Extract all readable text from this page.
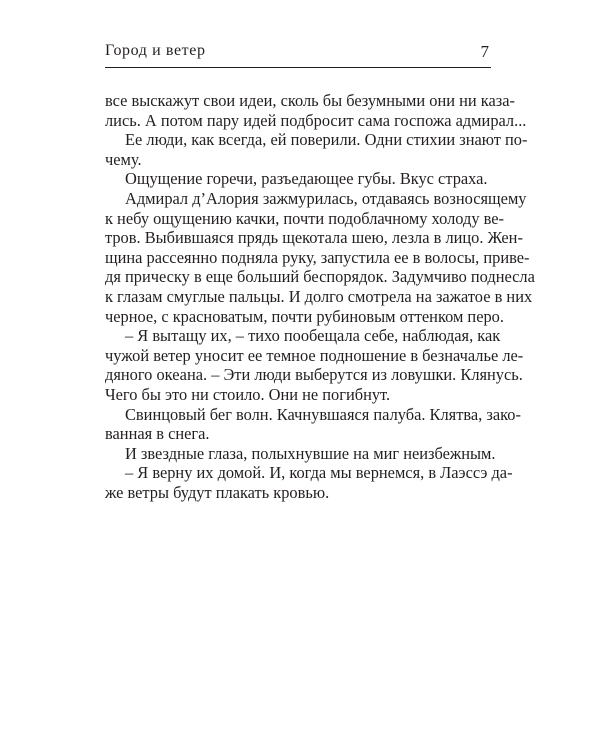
Город и ветер	7
все выскажут свои идеи, сколь бы безумными они ни каза-
лись. А потом пару идей подбросит сама госпожа адмирал...
Ее люди, как всегда, ей поверили. Одни стихии знают по-
чему.
Ощущение горечи, разъедающее губы. Вкус страха.
Адмирал д’Алория зажмурилась, отдаваясь возносящему
к небу ощущению качки, почти подоблачному холоду ве-
тров. Выбившаяся прядь щекотала шею, лезла в лицо. Жен-
щина рассеянно подняла руку, запустила ее в волосы, приве-
дя прическу в еще больший беспорядок. Задумчиво поднесла
к глазам смуглые пальцы. И долго смотрела на зажатое в них
черное, с красноватым, почти рубиновым оттенком перо.
– Я вытащу их, – тихо пообещала себе, наблюдая, как
чужой ветер уносит ее темное подношение в безначалье ле-
дяного океана. – Эти люди выберутся из ловушки. Клянусь.
Чего бы это ни стоило. Они не погибнут.
Свинцовый бег волн. Качнувшаяся палуба. Клятва, зако-
ванная в снега.
И звездные глаза, полыхнувшие на миг неизбежным.
– Я верну их домой. И, когда мы вернемся, в Лаэссэ да-
же ветры будут плакать кровью.
